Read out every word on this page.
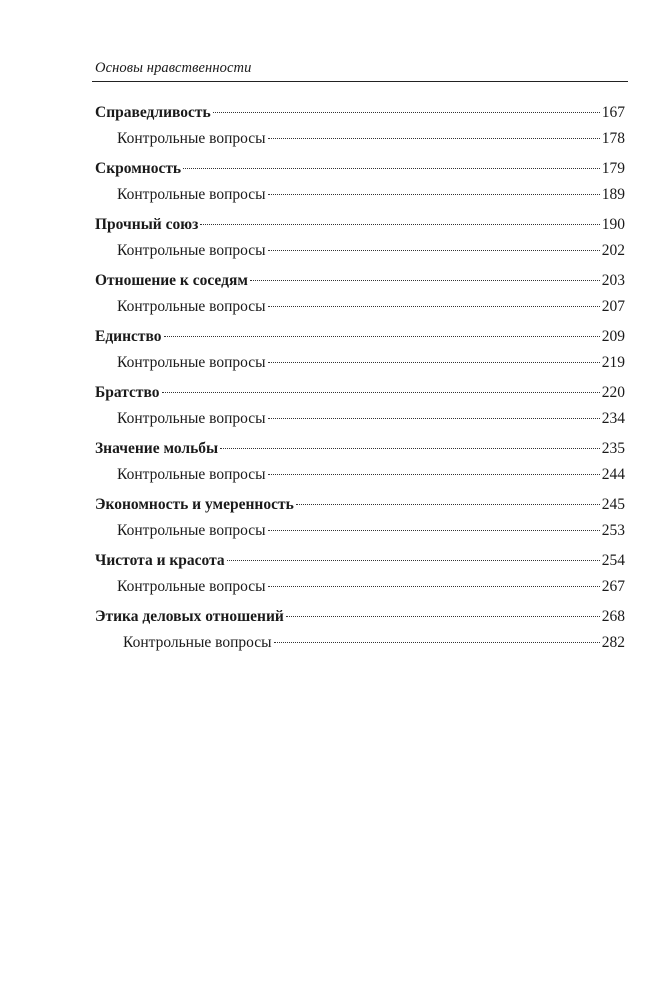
Основы нравственности
Справедливость	167
Контрольные вопросы	178
Скромность	179
Контрольные вопросы	189
Прочный союз	190
Контрольные вопросы	202
Отношение к соседям	203
Контрольные вопросы	207
Единство	209
Контрольные вопросы	219
Братство	220
Контрольные вопросы	234
Значение мольбы	235
Контрольные вопросы	244
Экономность и умеренность	245
Контрольные вопросы	253
Чистота и красота	254
Контрольные вопросы	267
Этика деловых отношений	268
Контрольные вопросы	282
